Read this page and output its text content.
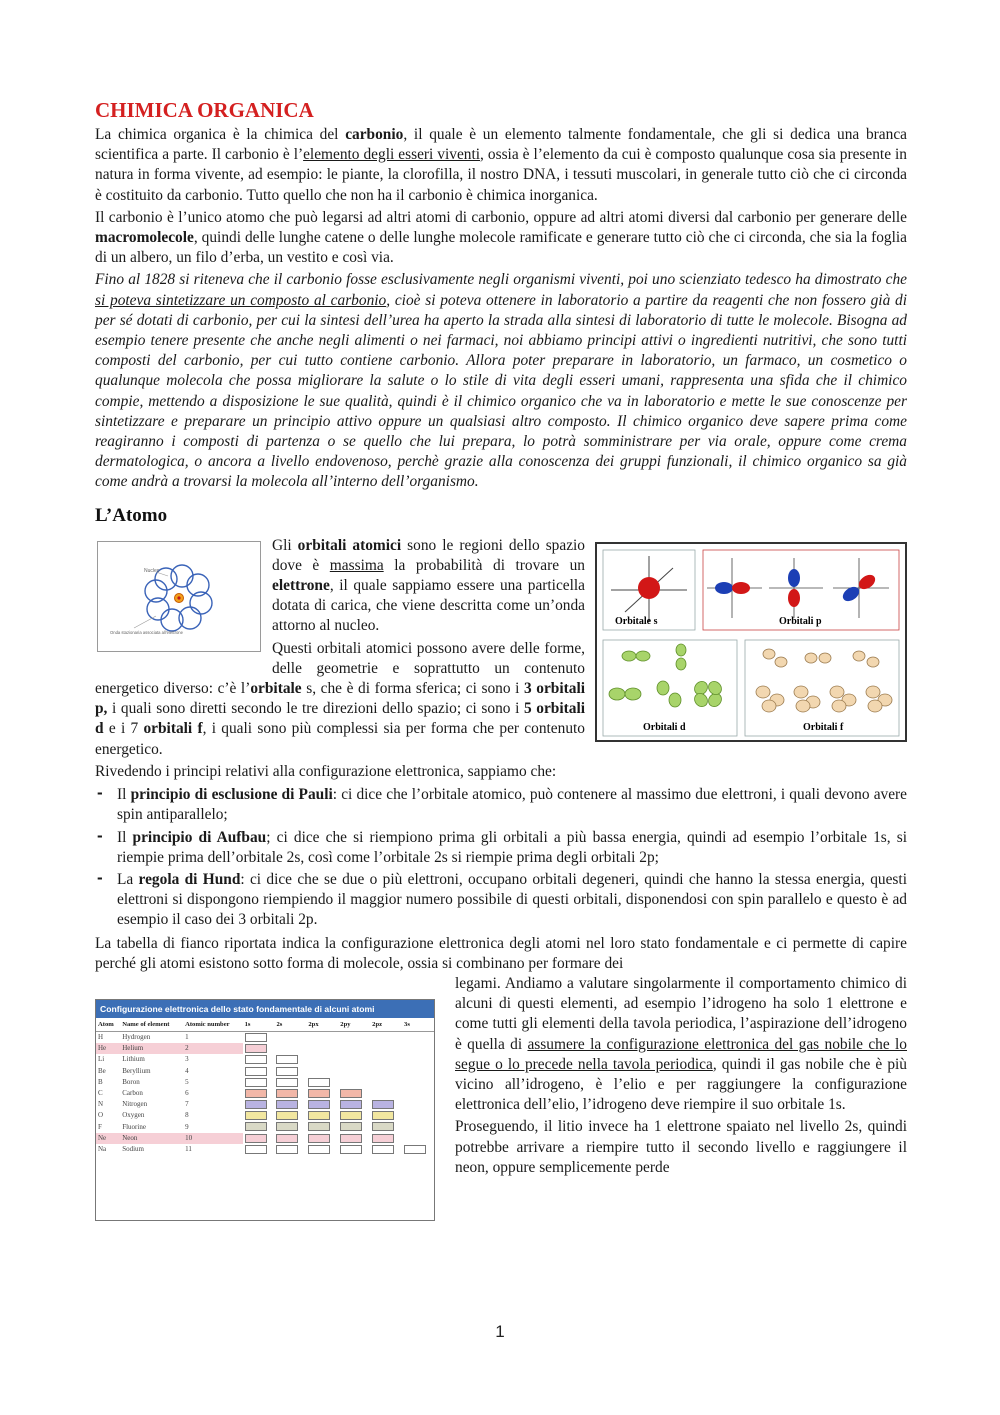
CHIMICA ORGANICA

La chimica organica è la chimica del carbonio, il quale è un elemento talmente fondamentale, che gli si dedica una branca scientifica a parte. Il carbonio è l’elemento degli esseri viventi, ossia è l’elemento da cui è composto qualunque cosa sia presente in natura in forma vivente, ad esempio: le piante, la clorofilla, il nostro DNA, i tessuti muscolari, in generale tutto ciò che ci circonda è costituito da carbonio. Tutto quello che non ha il carbonio è chimica inorganica.

Il carbonio è l’unico atomo che può legarsi ad altri atomi di carbonio, oppure ad altri atomi diversi dal carbonio per generare delle macromolecole, quindi delle lunghe catene o delle lunghe molecole ramificate e generare tutto ciò che ci circonda, che sia la foglia di un albero, un filo d’erba, un vestito e così via.

Fino al 1828 si riteneva che il carbonio fosse esclusivamente negli organismi viventi, poi uno scienziato tedesco ha dimostrato che si poteva sintetizzare un composto al carbonio, cioè si poteva ottenere in laboratorio a partire da reagenti che non fossero già di per sé dotati di carbonio, per cui la sintesi dell’urea ha aperto la strada alla sintesi di laboratorio di tutte le molecole. Bisogna ad esempio tenere presente che anche negli alimenti o nei farmaci, noi abbiamo principi attivi o ingredienti nutritivi, che sono tutti composti del carbonio, per cui tutto contiene carbonio. Allora poter preparare in laboratorio, un farmaco, un cosmetico o qualunque molecola che possa migliorare la salute o lo stile di vita degli esseri umani, rappresenta una sfida che il chimico compie, mettendo a disposizione le sue qualità, quindi è il chimico organico che va in laboratorio e mette le sue conoscenze per sintetizzare e preparare un principio attivo oppure un qualsiasi altro composto. Il chimico organico deve sapere prima come reagiranno i composti di partenza o se quello che lui prepara, lo potrà somministrare per via orale, oppure come crema dermatologica, o ancora a livello endovenoso, perchè grazie alla conoscenza dei gruppi funzionali, il chimico organico sa già come andrà a trovarsi la molecola all’interno dell’organismo.

L’Atomo
Nucleo
Onda stazionaria associata all'elettrone
Orbitale s	Orbitali p
Orbitali d	Orbitali f

Gli orbitali atomici sono le regioni dello spazio dove è massima la probabilità di trovare un elettrone, il quale sappiamo essere una particella dotata di carica, che viene descritta come un’onda attorno al nucleo.

Questi orbitali atomici possono avere delle forme, delle geometrie e soprattutto un contenuto energetico diverso: c’è l’orbitale s, che è di forma sferica; ci sono i 3 orbitali p, i quali sono diretti secondo le tre direzioni dello spazio; ci sono i 5 orbitali d e i 7 orbitali f, i quali sono più complessi sia per forma che per contenuto energetico.

Rivedendo i principi relativi alla configurazione elettronica, sappiamo che:

- Il principio di esclusione di Pauli: ci dice che l’orbitale atomico, può contenere al massimo due elettroni, i quali devono avere spin antiparallelo;
- Il principio di Aufbau; ci dice che si riempiono prima gli orbitali a più bassa energia, quindi ad esempio l’orbitale 1s, si riempie prima dell’orbitale 2s, così come l’orbitale 2s si riempie prima degli orbitali 2p;
- La regola di Hund: ci dice che se due o più elettroni, occupano orbitali degeneri, quindi che hanno la stessa energia, questi elettroni si dispongono riempiendo il maggior numero possibile di questi orbitali, disponendosi con spin parallelo e questo è ad esempio il caso dei 3 orbitali 2p.

La tabella di fianco riportata indica la configurazione elettronica degli atomi nel loro stato fondamentale e ci permette di capire perché gli atomi esistono sotto forma di molecole, ossia si combinano per formare dei

Configurazione elettronica dello stato fondamentale di alcuni atomi
Atom	Name of element	Atomic number	1s	2s	2px	2py	2pz	3s
H	Hydrogen	1						
He	Helium	2						
Li	Lithium	3						
Be	Beryllium	4						
B	Boron	5						
C	Carbon	6						
N	Nitrogen	7						
O	Oxygen	8						
F	Fluorine	9						
Ne	Neon	10						
Na	Sodium	11						

legami. Andiamo a valutare singolarmente il comportamento chimico di alcuni di questi elementi, ad esempio l’idrogeno ha solo 1 elettrone e come tutti gli elementi della tavola periodica, l’aspirazione dell’idrogeno è quella di assumere la configurazione elettronica del gas nobile che lo segue o lo precede nella tavola periodica, quindi il gas nobile che è più vicino all’idrogeno, è l’elio e per raggiungere la configurazione elettronica dell’elio, l’idrogeno deve riempire il suo orbitale 1s.

Proseguendo, il litio invece ha 1 elettrone spaiato nel livello 2s, quindi potrebbe arrivare a riempire tutto il secondo livello e raggiungere il neon, oppure semplicemente perde

1
